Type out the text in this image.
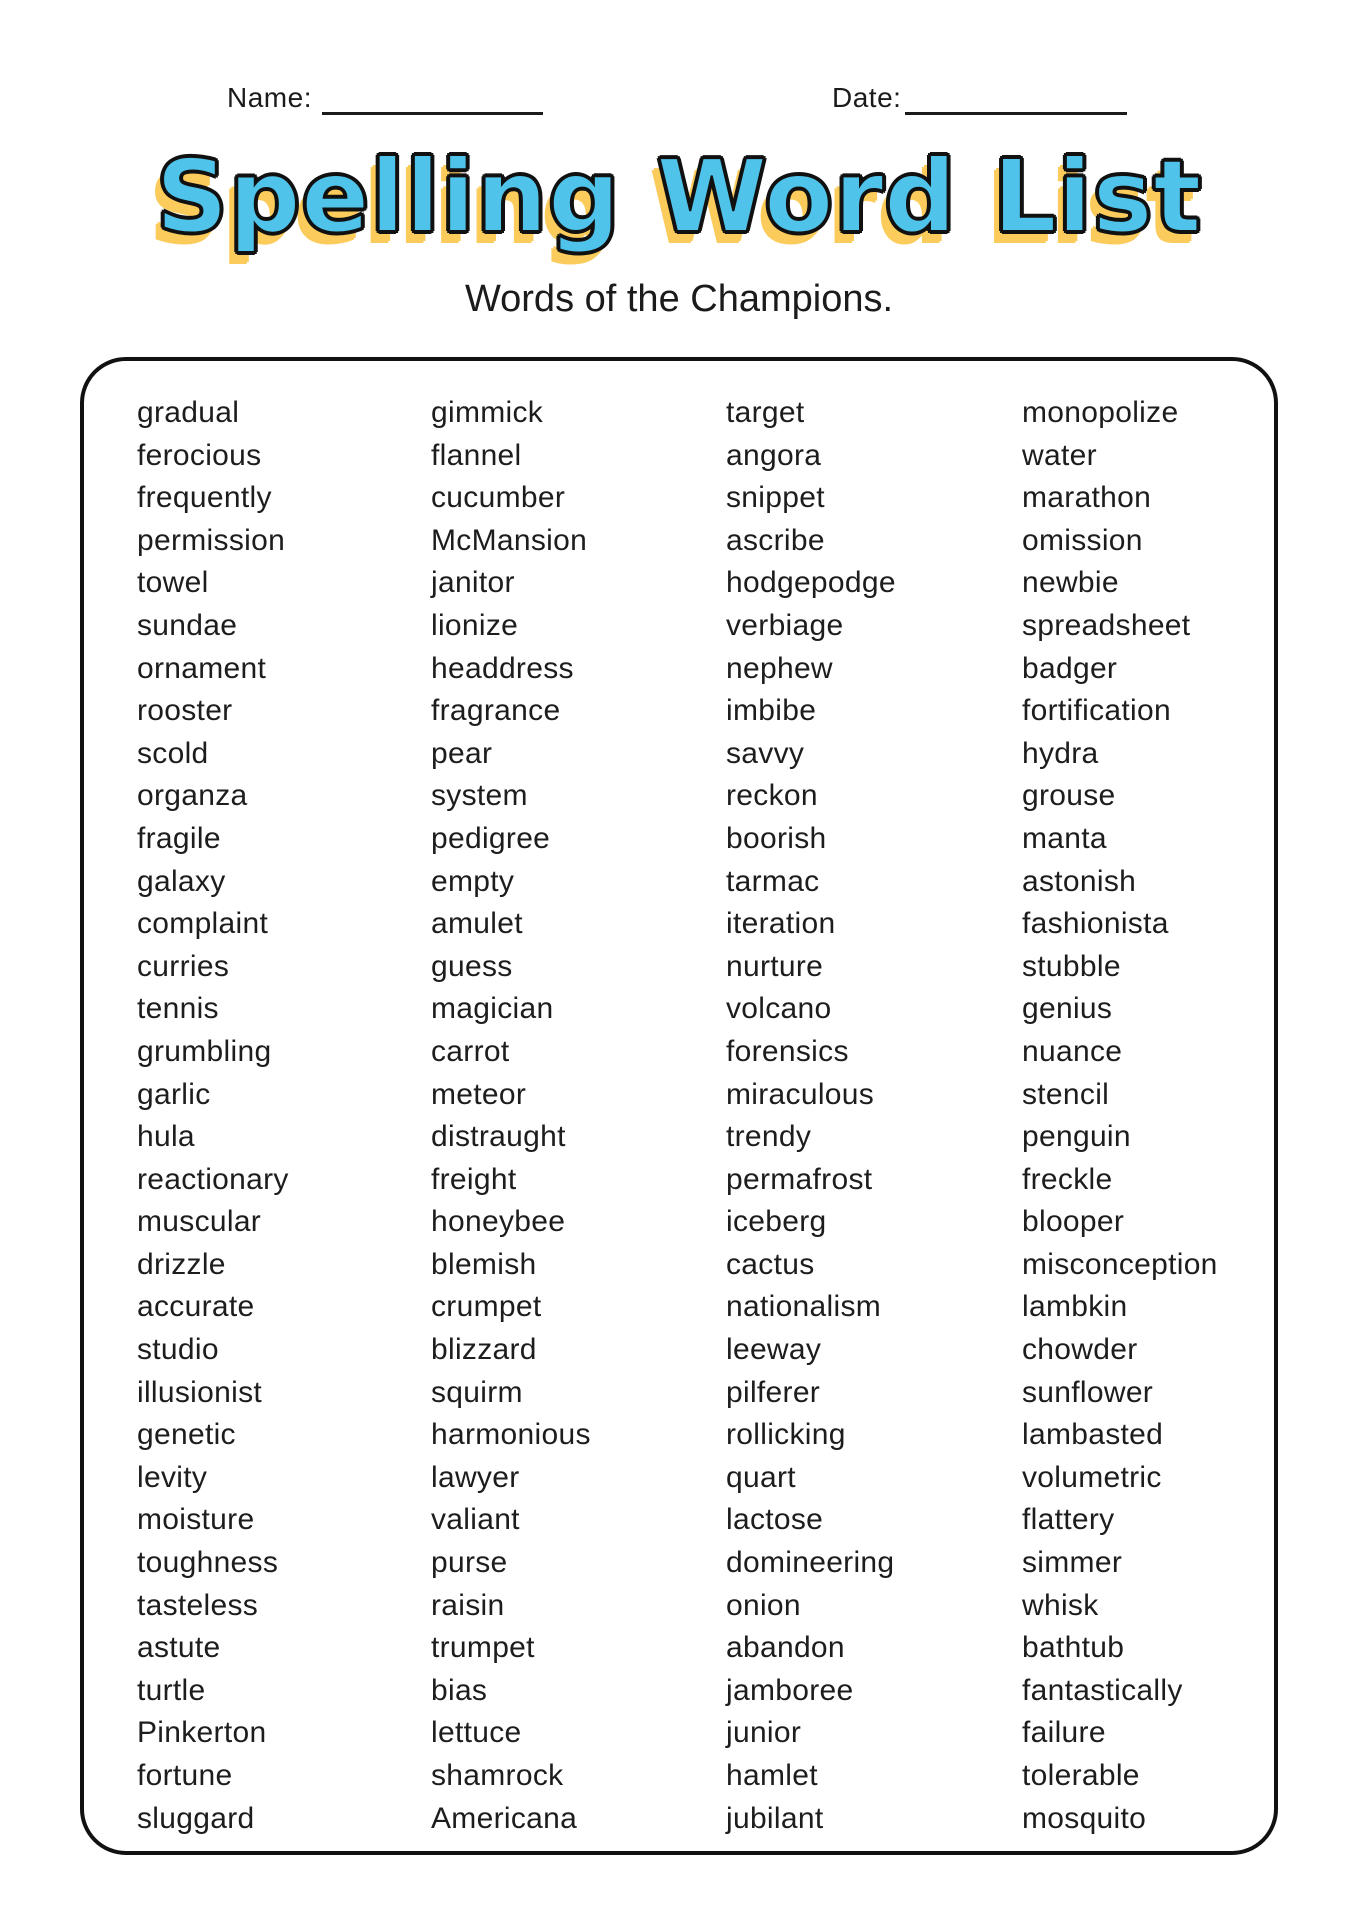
Name:	Date:
Spelling Word List
Words of the Champions.
gradual
ferocious
frequently
permission
towel
sundae
ornament
rooster
scold
organza
fragile
galaxy
complaint
curries
tennis
grumbling
garlic
hula
reactionary
muscular
drizzle
accurate
studio
illusionist
genetic
levity
moisture
toughness
tasteless
astute
turtle
Pinkerton
fortune
sluggard
gimmick
flannel
cucumber
McMansion
janitor
lionize
headdress
fragrance
pear
system
pedigree
empty
amulet
guess
magician
carrot
meteor
distraught
freight
honeybee
blemish
crumpet
blizzard
squirm
harmonious
lawyer
valiant
purse
raisin
trumpet
bias
lettuce
shamrock
Americana
target
angora
snippet
ascribe
hodgepodge
verbiage
nephew
imbibe
savvy
reckon
boorish
tarmac
iteration
nurture
volcano
forensics
miraculous
trendy
permafrost
iceberg
cactus
nationalism
leeway
pilferer
rollicking
quart
lactose
domineering
onion
abandon
jamboree
junior
hamlet
jubilant
monopolize
water
marathon
omission
newbie
spreadsheet
badger
fortification
hydra
grouse
manta
astonish
fashionista
stubble
genius
nuance
stencil
penguin
freckle
blooper
misconception
lambkin
chowder
sunflower
lambasted
volumetric
flattery
simmer
whisk
bathtub
fantastically
failure
tolerable
mosquito
